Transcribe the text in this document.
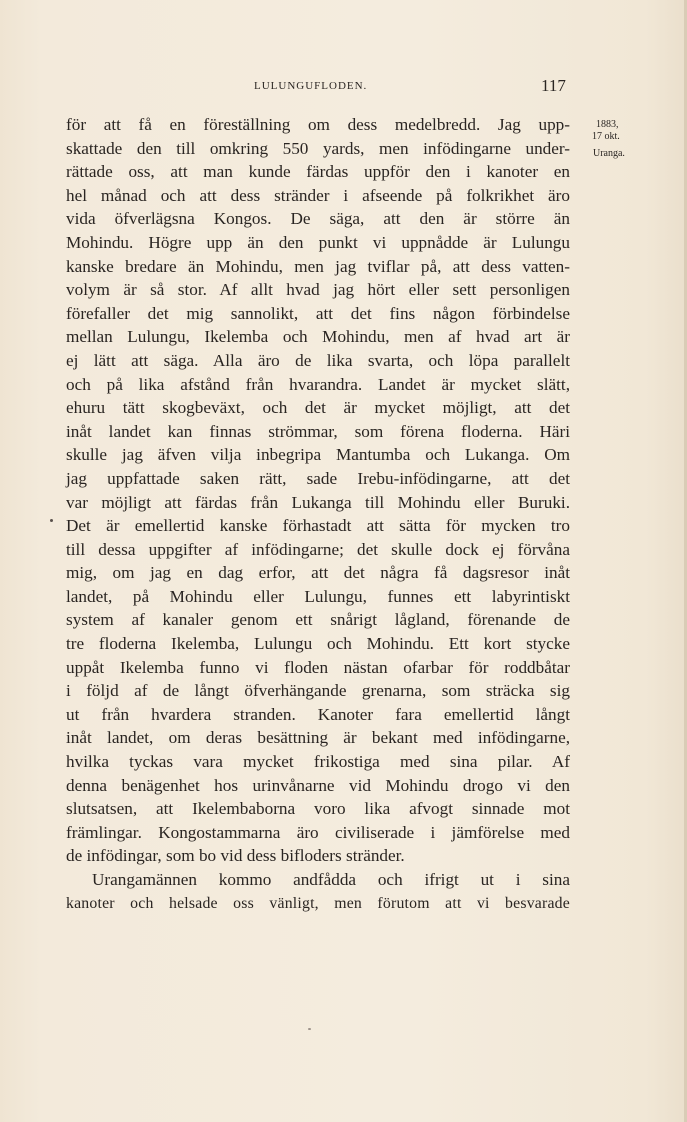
LULUNGUFLODEN.	117
1883,
17 okt.
Uranga.
för att få en föreställning om dess medelbredd. Jag upp-
skattade den till omkring 550 yards, men infödingarne under-
rättade oss, att man kunde färdas uppför den i kanoter en
hel månad och att dess stränder i afseende på folkrikhet äro
vida öfverlägsna Kongos. De säga, att den är större än
Mohindu. Högre upp än den punkt vi uppnådde är Lulungu
kanske bredare än Mohindu, men jag tviflar på, att dess vatten-
volym är så stor. Af allt hvad jag hört eller sett personligen
förefaller det mig sannolikt, att det fins någon förbindelse
mellan Lulungu, Ikelemba och Mohindu, men af hvad art är
ej lätt att säga. Alla äro de lika svarta, och löpa parallelt
och på lika afstånd från hvarandra. Landet är mycket slätt,
ehuru tätt skogbeväxt, och det är mycket möjligt, att det
inåt landet kan finnas strömmar, som förena floderna. Häri
skulle jag äfven vilja inbegripa Mantumba och Lukanga. Om
jag uppfattade saken rätt, sade Irebu-infödingarne, att det
var möjligt att färdas från Lukanga till Mohindu eller Buruki.
Det är emellertid kanske förhastadt att sätta för mycken tro
till dessa uppgifter af infödingarne; det skulle dock ej förvåna
mig, om jag en dag erfor, att det några få dagsresor inåt
landet, på Mohindu eller Lulungu, funnes ett labyrintiskt
system af kanaler genom ett snårigt lågland, förenande de
tre floderna Ikelemba, Lulungu och Mohindu. Ett kort stycke
uppåt Ikelemba funno vi floden nästan ofarbar för roddbåtar
i följd af de långt öfverhängande grenarna, som sträcka sig
ut från hvardera stranden. Kanoter fara emellertid långt
inåt landet, om deras besättning är bekant med infödingarne,
hvilka tyckas vara mycket frikostiga med sina pilar. Af
denna benägenhet hos urinvånarne vid Mohindu drogo vi den
slutsatsen, att Ikelembaborna voro lika afvogt sinnade mot
främlingar. Kongostammarna äro civiliserade i jämförelse med
de infödingar, som bo vid dess bifloders stränder.
Urangamännen kommo andfådda och ifrigt ut i sina
kanoter och helsade oss vänligt, men förutom att vi besvarade
